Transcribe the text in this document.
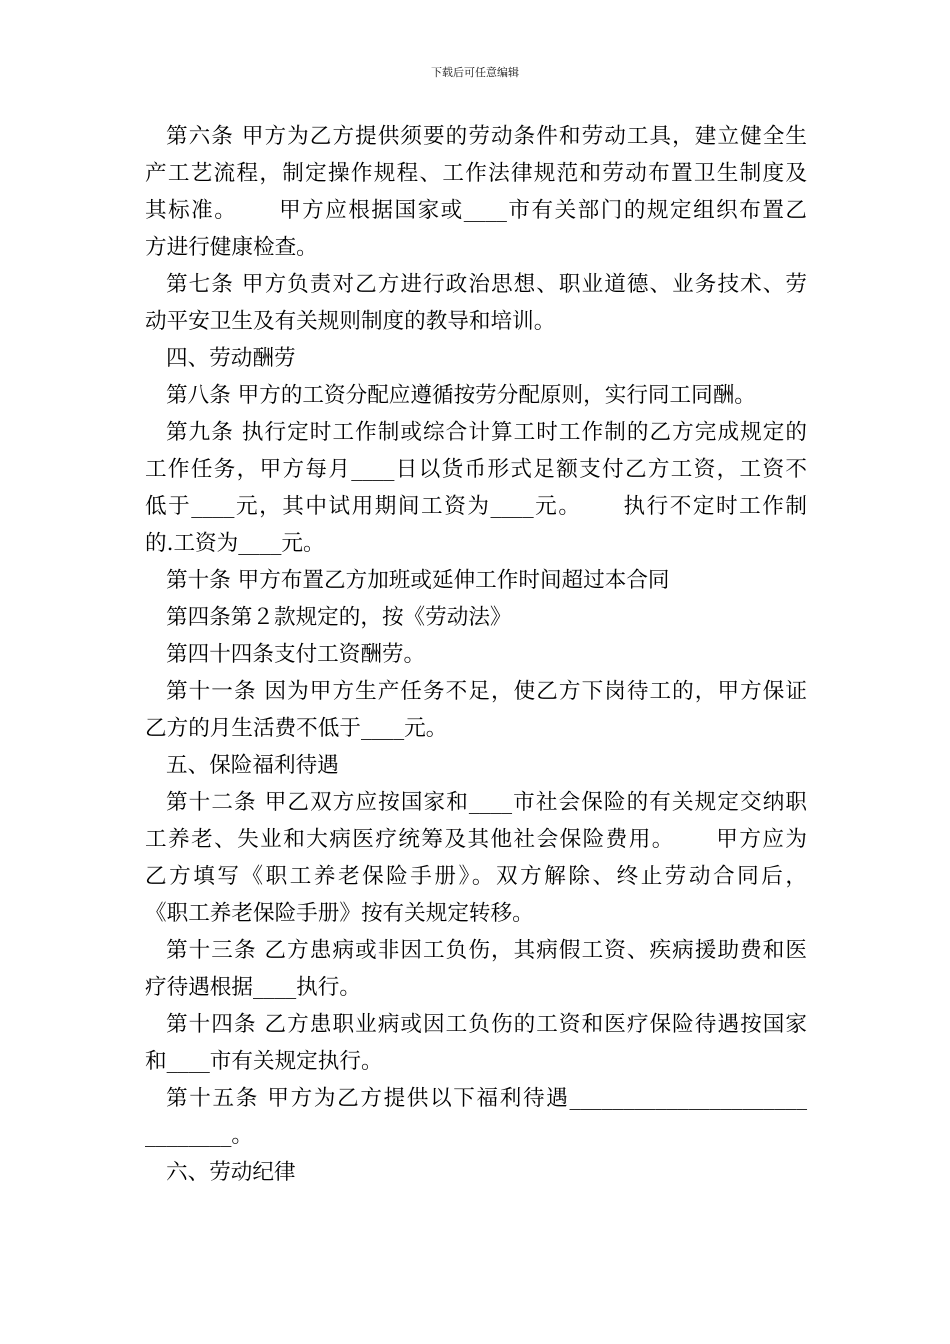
下载后可任意编辑
第六条 甲方为乙方提供须要的劳动条件和劳动工具，建立健全生
产工艺流程，制定操作规程、工作法律规范和劳动布置卫生制度及
其标准。     甲方应根据国家或____市有关部门的规定组织布置乙
方进行健康检查。
第七条 甲方负责对乙方进行政治思想、职业道德、业务技术、劳
动平安卫生及有关规则制度的教导和培训。
四、劳动酬劳
第八条 甲方的工资分配应遵循按劳分配原则，实行同工同酬。
第九条 执行定时工作制或综合计算工时工作制的乙方完成规定的
工作任务，甲方每月____日以货币形式足额支付乙方工资，工资不
低于____元，其中试用期间工资为____元。     执行不定时工作制
的.工资为____元。
第十条 甲方布置乙方加班或延伸工作时间超过本合同
第四条第２款规定的，按《劳动法》
第四十四条支付工资酬劳。
第十一条 因为甲方生产任务不足，使乙方下岗待工的，甲方保证
乙方的月生活费不低于____元。
五、保险福利待遇
第十二条 甲乙双方应按国家和____市社会保险的有关规定交纳职
工养老、失业和大病医疗统筹及其他社会保险费用。     甲方应为
乙方填写《职工养老保险手册》。双方解除、终止劳动合同后，
《职工养老保险手册》按有关规定转移。
第十三条 乙方患病或非因工负伤，其病假工资、疾病援助费和医
疗待遇根据____执行。
第十四条 乙方患职业病或因工负伤的工资和医疗保险待遇按国家
和____市有关规定执行。
第十五条 甲方为乙方提供以下福利待遇______________________
________。
六、劳动纪律
